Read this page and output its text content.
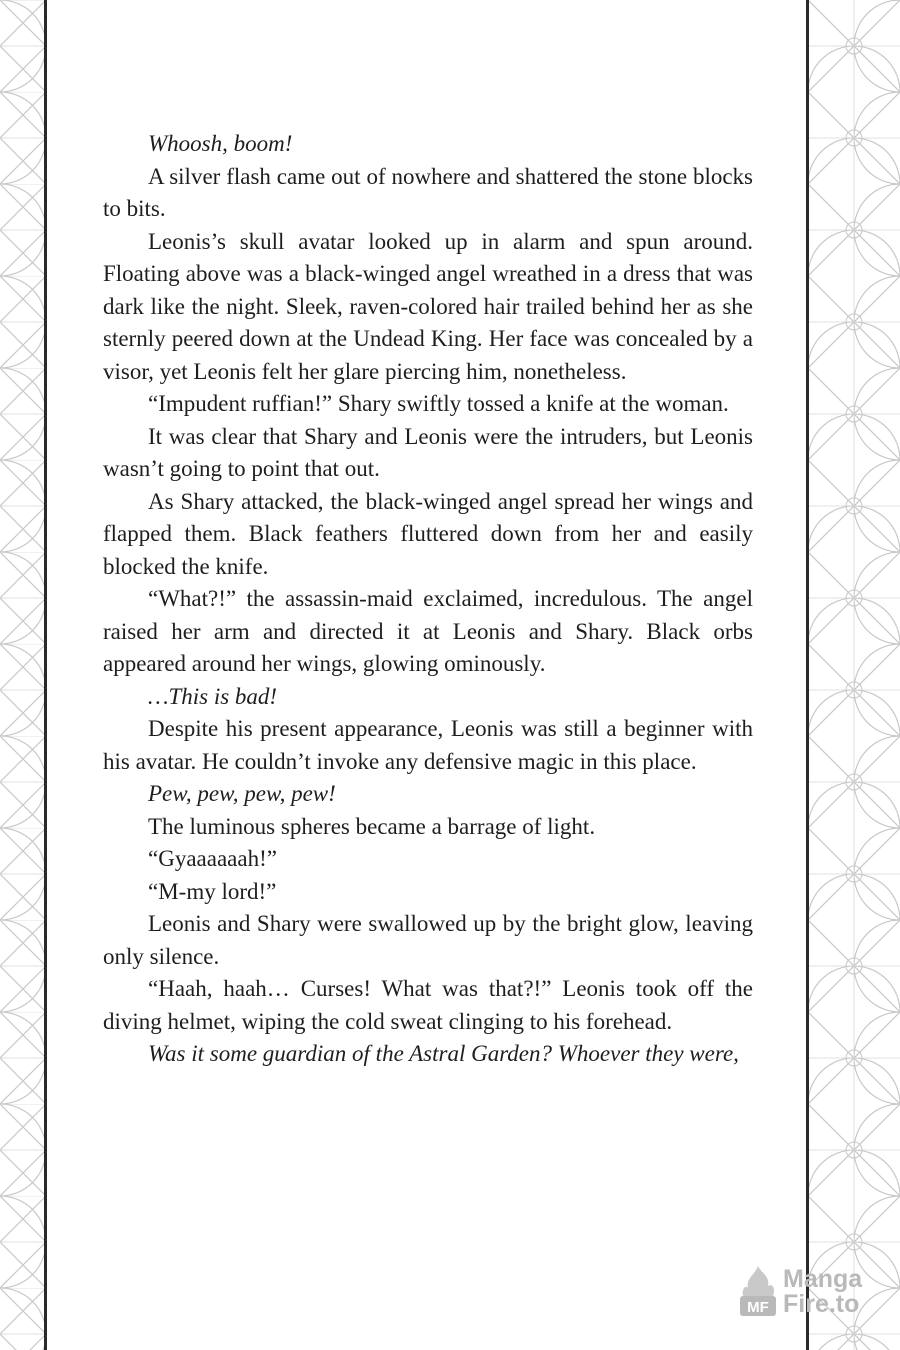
Whoosh, boom!

A silver flash came out of nowhere and shattered the stone blocks to bits.

Leonis’s skull avatar looked up in alarm and spun around. Floating above was a black-winged angel wreathed in a dress that was dark like the night. Sleek, raven-colored hair trailed behind her as she sternly peered down at the Undead King. Her face was concealed by a visor, yet Leonis felt her glare piercing him, nonetheless.

“Impudent ruffian!” Shary swiftly tossed a knife at the woman.

It was clear that Shary and Leonis were the intruders, but Leonis wasn’t going to point that out.

As Shary attacked, the black-winged angel spread her wings and flapped them. Black feathers fluttered down from her and easily blocked the knife.

“What?!” the assassin-maid exclaimed, incredulous. The angel raised her arm and directed it at Leonis and Shary. Black orbs appeared around her wings, glowing ominously.

…This is bad!

Despite his present appearance, Leonis was still a beginner with his avatar. He couldn’t invoke any defensive magic in this place.

Pew, pew, pew, pew!

The luminous spheres became a barrage of light.

“Gyaaaaaah!”

“M-my lord!”

Leonis and Shary were swallowed up by the bright glow, leaving only silence.

“Haah, haah… Curses! What was that?!” Leonis took off the diving helmet, wiping the cold sweat clinging to his forehead.

Was it some guardian of the Astral Garden? Whoever they were,

MF
Manga
Fire.to
